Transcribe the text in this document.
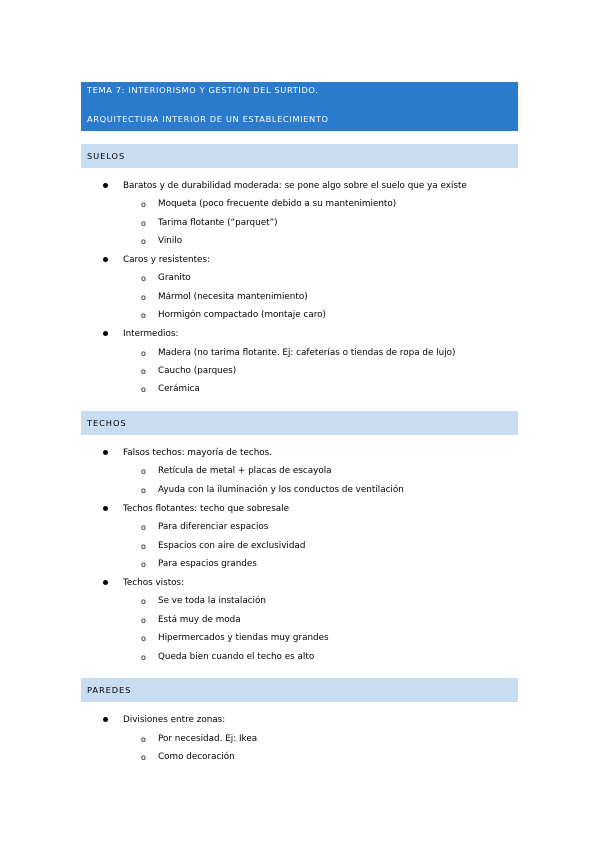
TEMA 7: INTERIORISMO Y GESTIÓN DEL SURTIDO.
ARQUITECTURA INTERIOR DE UN ESTABLECIMIENTO
SUELOS
Baratos y de durabilidad moderada: se pone algo sobre el suelo que ya existe
o Moqueta (poco frecuente debido a su mantenimiento)
o Tarima flotante (“parquet”)
o Vinilo
Caros y resistentes:
o Granito
o Mármol (necesita mantenimiento)
o Hormigón compactado (montaje caro)
Intermedios:
o Madera (no tarima flotante. Ej: cafeterías o tiendas de ropa de lujo)
o Caucho (parques)
o Cerámica
TECHOS
Falsos techos: mayoría de techos.
o Retícula de metal + placas de escayola
o Ayuda con la iluminación y los conductos de ventilación
Techos flotantes: techo que sobresale
o Para diferenciar espacios
o Espacios con aire de exclusividad
o Para espacios grandes
Techos vistos:
o Se ve toda la instalación
o Está muy de moda
o Hipermercados y tiendas muy grandes
o Queda bien cuando el techo es alto
PAREDES
Divisiones entre zonas:
o Por necesidad. Ej: Ikea
o Como decoración
